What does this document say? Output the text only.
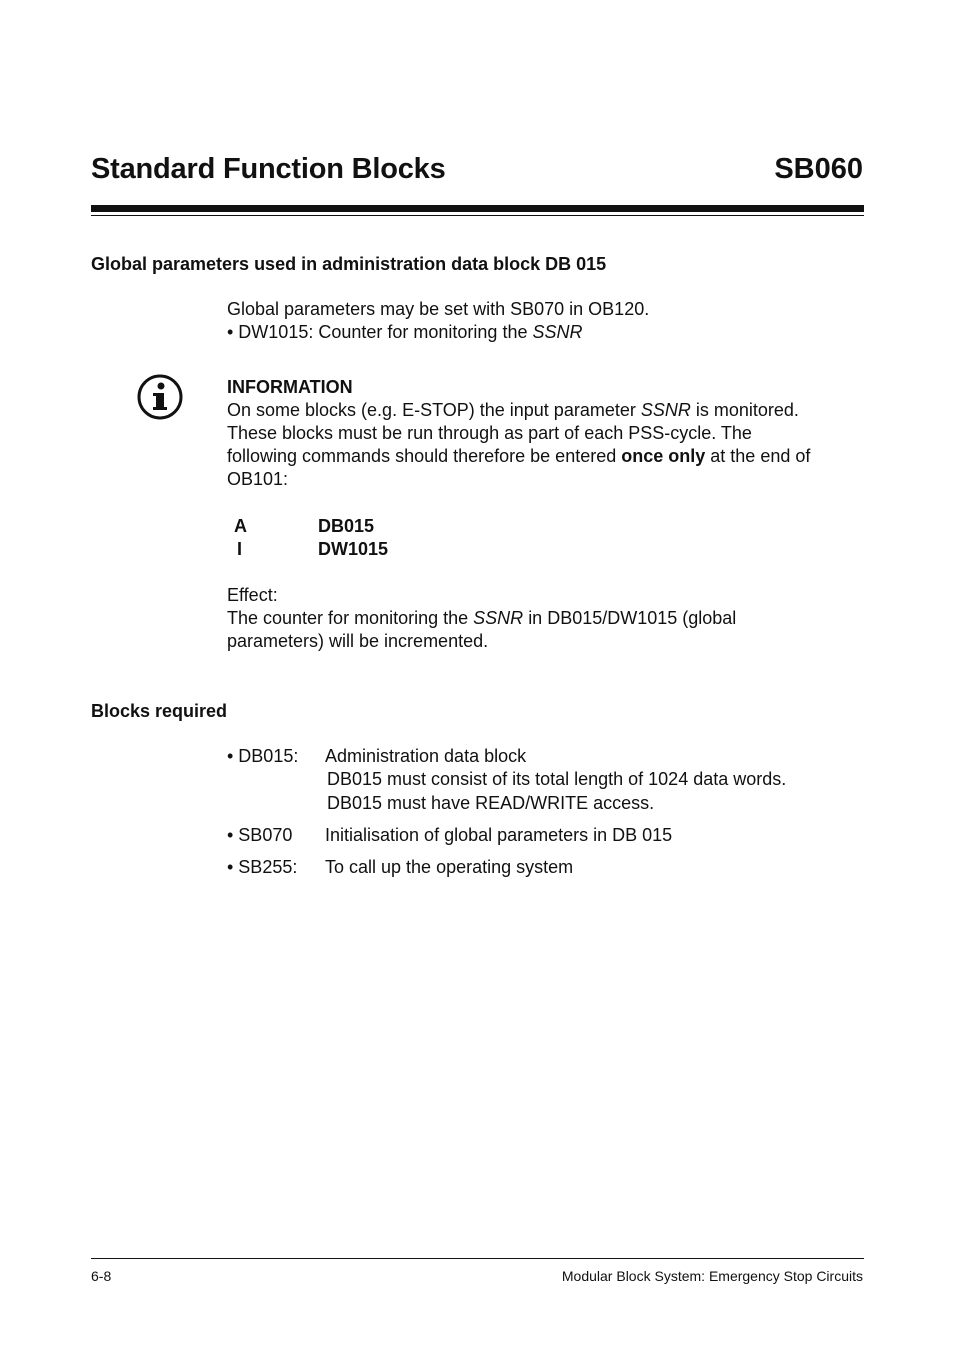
Standard Function Blocks	SB060
Global parameters used in administration data block DB 015
Global parameters may be set with SB070 in OB120.
• DW1015: Counter for monitoring the SSNR
INFORMATION
On some blocks (e.g. E-STOP) the input parameter SSNR is monitored.
These blocks must be run through as part of each PSS-cycle. The
following commands should therefore be entered once only at the end of
OB101:
A	DB015
I	DW1015
Effect:
The counter for monitoring the SSNR in DB015/DW1015 (global
parameters) will be incremented.
Blocks required
• DB015: Administration data block
DB015 must consist of its total length of 1024 data words.
DB015 must have READ/WRITE access.
• SB070 Initialisation of global parameters in DB 015
• SB255: To call up the operating system
6-8	Modular Block System: Emergency Stop Circuits
